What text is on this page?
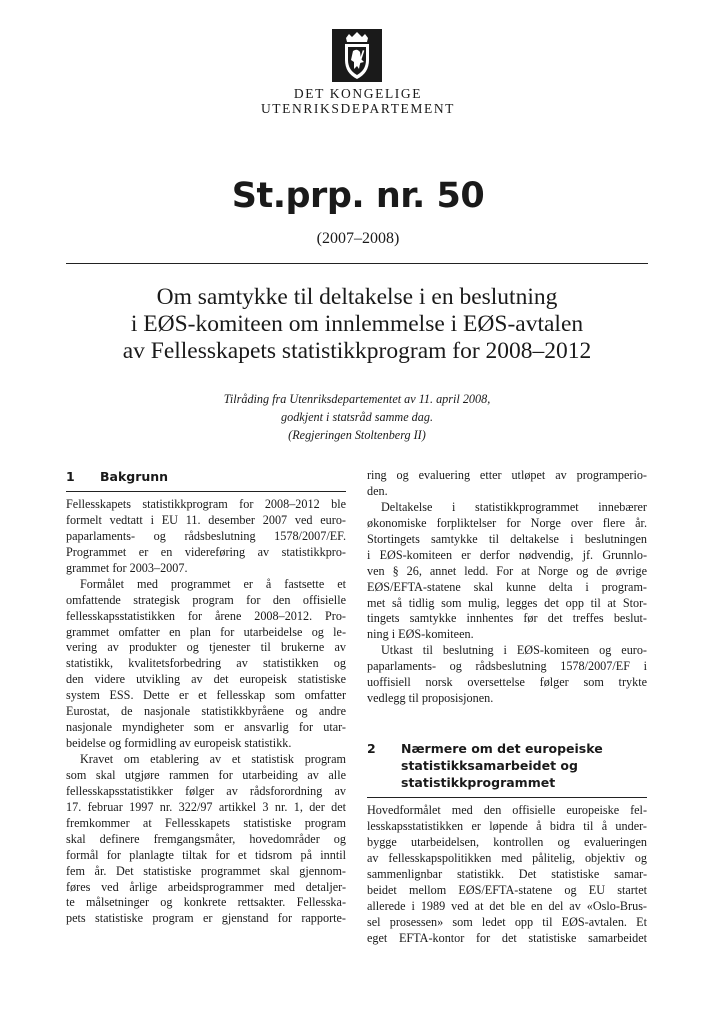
DET KONGELIGE
UTENRIKSDEPARTEMENT
St.prp. nr. 50
(2007–2008)
Om samtykke til deltakelse i en beslutning
i EØS-komiteen om innlemmelse i EØS-avtalen
av Fellesskapets statistikkprogram for 2008–2012
Tilråding fra Utenriksdepartementet av 11. april 2008,
godkjent i statsråd samme dag.
(Regjeringen Stoltenberg II)
1	Bakgrunn
Fellesskapets statistikkprogram for 2008–2012 ble
formelt vedtatt i EU 11. desember 2007 ved euro-
paparlaments- og rådsbeslutning 1578/2007/EF.
Programmet er en videreføring av statistikkpro-
grammet for 2003–2007.
Formålet med programmet er å fastsette et
omfattende strategisk program for den offisielle
fellesskapsstatistikken for årene 2008–2012. Pro-
grammet omfatter en plan for utarbeidelse og le-
vering av produkter og tjenester til brukerne av
statistikk, kvalitetsforbedring av statistikken og
den videre utvikling av det europeisk statistiske
system ESS. Dette er et fellesskap som omfatter
Eurostat, de nasjonale statistikkbyråene og andre
nasjonale myndigheter som er ansvarlig for utar-
beidelse og formidling av europeisk statistikk.
Kravet om etablering av et statistisk program
som skal utgjøre rammen for utarbeiding av alle
fellesskapsstatistikker følger av rådsforordning av
17. februar 1997 nr. 322/97 artikkel 3 nr. 1, der det
fremkommer at Fellesskapets statistiske program
skal definere fremgangsmåter, hovedområder og
formål for planlagte tiltak for et tidsrom på inntil
fem år. Det statistiske programmet skal gjennom-
føres ved årlige arbeidsprogrammer med detaljer-
te målsetninger og konkrete rettsakter. Fellesska-
pets statistiske program er gjenstand for rapporte-
ring og evaluering etter utløpet av programperio-
den.
Deltakelse i statistikkprogrammet innebærer
økonomiske forpliktelser for Norge over flere år.
Stortingets samtykke til deltakelse i beslutningen
i EØS-komiteen er derfor nødvendig, jf. Grunnlo-
ven § 26, annet ledd. For at Norge og de øvrige
EØS/EFTA-statene skal kunne delta i program-
met så tidlig som mulig, legges det opp til at Stor-
tingets samtykke innhentes før det treffes beslut-
ning i EØS-komiteen.
Utkast til beslutning i EØS-komiteen og euro-
paparlaments- og rådsbeslutning 1578/2007/EF i
uoffisiell norsk oversettelse følger som trykte
vedlegg til proposisjonen.
2	Nærmere om det europeiske
statistikksamarbeidet og
statistikkprogrammet
Hovedformålet med den offisielle europeiske fel-
lesskapsstatistikken er løpende å bidra til å under-
bygge utarbeidelsen, kontrollen og evalueringen
av fellesskapspolitikken med pålitelig, objektiv og
sammenlignbar statistikk. Det statistiske samar-
beidet mellom EØS/EFTA-statene og EU startet
allerede i 1989 ved at det ble en del av «Oslo-Brus-
sel prosessen» som ledet opp til EØS-avtalen. Et
eget EFTA-kontor for det statistiske samarbeidet
